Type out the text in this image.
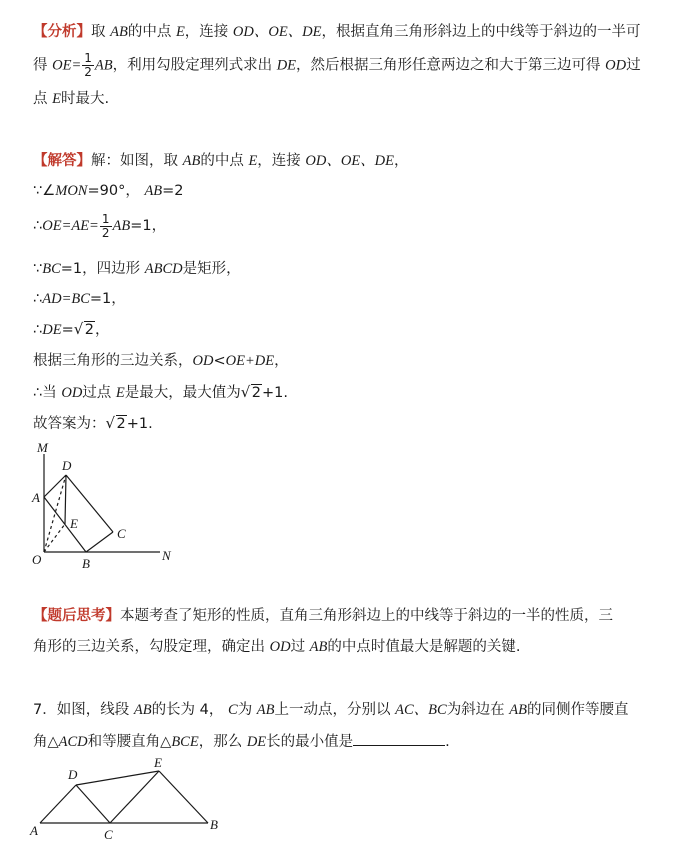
【分析】取 AB的中点 E，连接 OD、OE、DE，根据直角三角形斜边上的中线等于斜边的一半可
得 $OE= \frac{1}{2}$ AB，利用勾股定理列式求出 DE，然后根据三角形任意两边之和大于第三边可得 OD过
点 E时最大.
【解答】解：如图，取 AB的中点 E，连接 OD、OE、DE，
∵∠MON=90°， AB=2
∴OE=AE= $\frac{1}{2} AB=1$，
∵BC=1，四边形 ABCD是矩形，
∴AD=BC=1，
∴DE= √ 2，
根据三角形的三边关系，OD<OE+DE，
∴当 OD过点 E是最大，最大值为 √ 2+1.
故答案为： √ 2+1.
M
D
A
E
C
O	B
N
【题后思考】本题考查了矩形的性质，直角三角形斜边上的中线等于斜边的一半的性质，三
角形的三边关系，勾股定理，确定出 OD过 AB的中点时值最大是解题的关键.
7．如图，线段 AB的长为 4， C为 AB上一动点，分别以 AC、BC为斜边在 AB的同侧作等腰直
角△ACD和等腰直角△BCE，那么 DE长的最小值是	.
D
E
A	C
B
